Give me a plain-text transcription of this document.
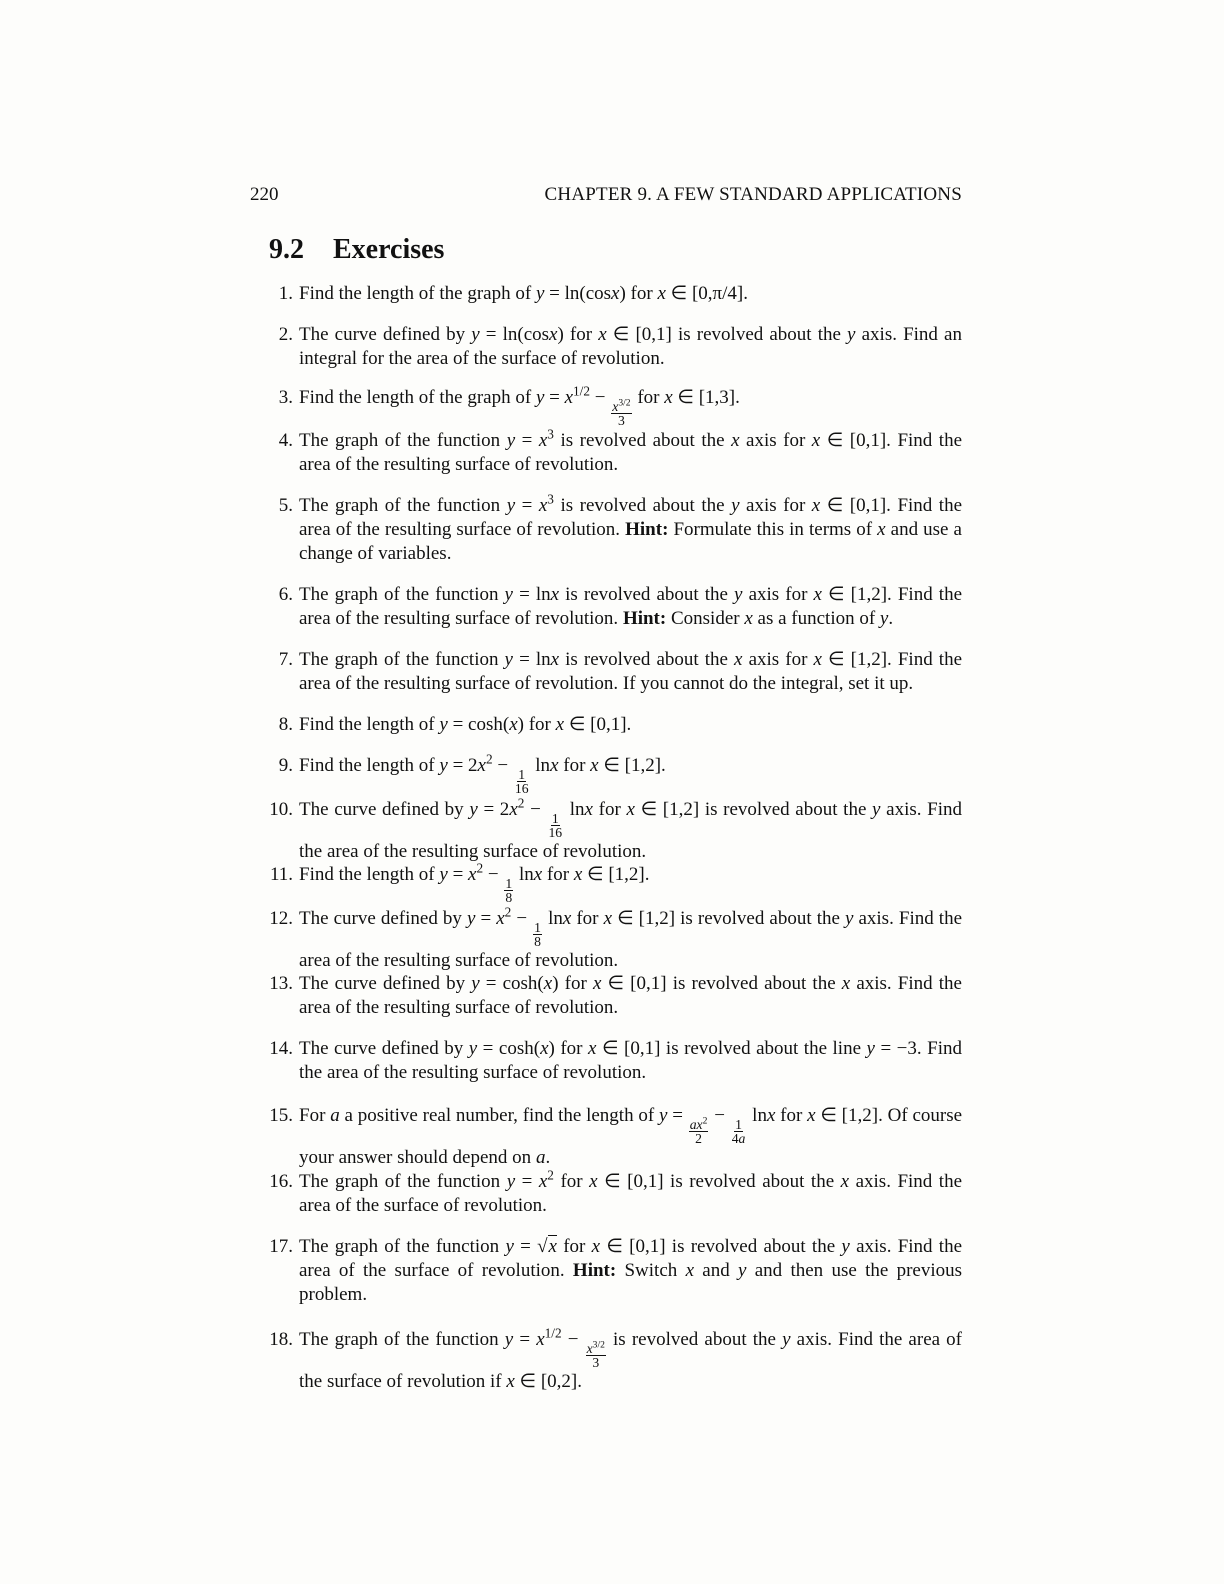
220	CHAPTER 9. A FEW STANDARD APPLICATIONS
9.2 Exercises
1. Find the length of the graph of y = ln(cosx) for x ∈ [0,π/4].
2. The curve defined by y = ln(cosx) for x ∈ [0,1] is revolved about the y axis. Find an integral for the area of the surface of revolution.
3. Find the length of the graph of $y = x^{1/2}$ −
$\frac{x^{3/2}}{3}$
for x ∈ [1,3].
4. The graph of the function $y = x^3$ is revolved about the x axis for x ∈ [0,1]. Find the area of the resulting surface of revolution.
5. The graph of the function $y = x^3$ is revolved about the y axis for x ∈ [0,1]. Find the area of the resulting surface of revolution. Hint: Formulate this in terms of x and use a change of variables.
6. The graph of the function y = lnx is revolved about the y axis for x ∈ [1,2]. Find the area of the resulting surface of revolution. Hint: Consider x as a function of y.
7. The graph of the function y = lnx is revolved about the x axis for x ∈ [1,2]. Find the area of the resulting surface of revolution. If you cannot do the integral, set it up.
8. Find the length of y = cosh(x) for x ∈ [0,1].
9. Find the length of $y = 2x^2$ −
$\frac{1}{16}$
lnx for x ∈ [1,2].
10. The curve defined by $y = 2x^2$ −
$\frac{1}{16}$
lnx for x ∈ [1,2] is revolved about the y axis. Find the area of the resulting surface of revolution.
11. Find the length of $y = x^2$ −
$\frac{1}{8}$
lnx for x ∈ [1,2].
12. The curve defined by $y = x^2$ −
$\frac{1}{8}$
lnx for x ∈ [1,2] is revolved about the y axis. Find the area of the resulting surface of revolution.
13. The curve defined by y = cosh(x) for x ∈ [0,1] is revolved about the x axis. Find the area of the resulting surface of revolution.
14. The curve defined by y = cosh(x) for x ∈ [0,1] is revolved about the line y = −3. Find the area of the resulting surface of revolution.
15. For a a positive real number, find the length of y =
$\frac{ax^2}{2}$
−
$\frac{1}{4a}$
lnx for x ∈ [1,2]. Of course your answer should depend on a.
16. The graph of the function $y = x^2$ for x ∈ [0,1] is revolved about the x axis. Find the area of the surface of revolution.
17. The graph of the function y = √x for x ∈ [0,1] is revolved about the y axis. Find the area of the surface of revolution. Hint: Switch x and y and then use the previous problem.
18. The graph of the function $y = x^{1/2}$ −
$\frac{x^{3/2}}{3}$
is revolved about the y axis. Find the area of the surface of revolution if x ∈ [0,2].
